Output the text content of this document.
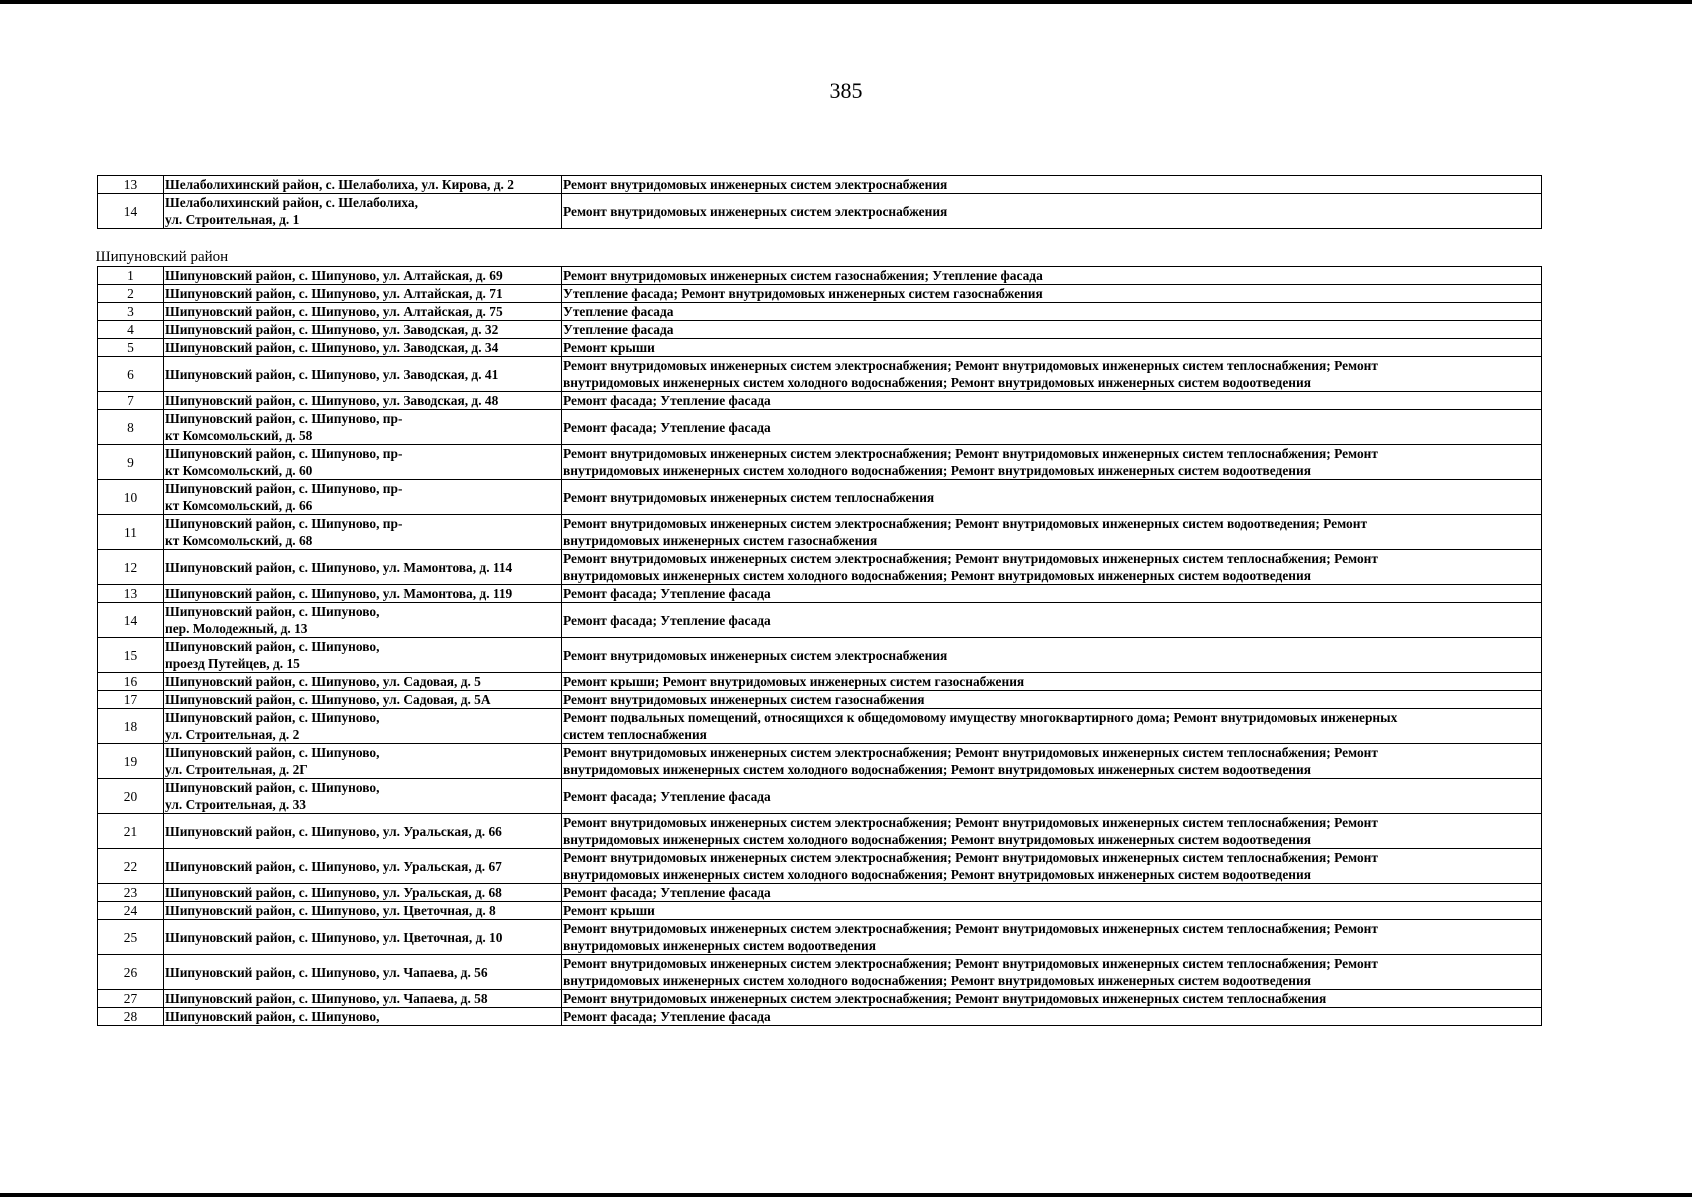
385
13	Шелаболихинский район, с. Шелаболиха, ул. Кирова, д. 2	Ремонт внутридомовых инженерных систем электроснабжения
14	Шелаболихинский район, с. Шелаболиха,
ул. Строительная, д. 1	Ремонт внутридомовых инженерных систем электроснабжения
Шипуновский район
1	Шипуновский район, с. Шипуново, ул. Алтайская, д. 69	Ремонт внутридомовых инженерных систем газоснабжения; Утепление фасада
2	Шипуновский район, с. Шипуново, ул. Алтайская, д. 71	Утепление фасада; Ремонт внутридомовых инженерных систем газоснабжения
3	Шипуновский район, с. Шипуново, ул. Алтайская, д. 75	Утепление фасада
4	Шипуновский район, с. Шипуново, ул. Заводская, д. 32	Утепление фасада
5	Шипуновский район, с. Шипуново, ул. Заводская, д. 34	Ремонт крыши
6	Шипуновский район, с. Шипуново, ул. Заводская, д. 41	Ремонт внутридомовых инженерных систем электроснабжения; Ремонт внутридомовых инженерных систем теплоснабжения; Ремонт
внутридомовых инженерных систем холодного водоснабжения; Ремонт внутридомовых инженерных систем водоотведения
7	Шипуновский район, с. Шипуново, ул. Заводская, д. 48	Ремонт фасада; Утепление фасада
8	Шипуновский район, с. Шипуново, пр-
кт Комсомольский, д. 58	Ремонт фасада; Утепление фасада
9	Шипуновский район, с. Шипуново, пр-
кт Комсомольский, д. 60	Ремонт внутридомовых инженерных систем электроснабжения; Ремонт внутридомовых инженерных систем теплоснабжения; Ремонт
внутридомовых инженерных систем холодного водоснабжения; Ремонт внутридомовых инженерных систем водоотведения
10	Шипуновский район, с. Шипуново, пр-
кт Комсомольский, д. 66	Ремонт внутридомовых инженерных систем теплоснабжения
11	Шипуновский район, с. Шипуново, пр-
кт Комсомольский, д. 68	Ремонт внутридомовых инженерных систем электроснабжения; Ремонт внутридомовых инженерных систем водоотведения; Ремонт
внутридомовых инженерных систем газоснабжения
12	Шипуновский район, с. Шипуново, ул. Мамонтова, д. 114	Ремонт внутридомовых инженерных систем электроснабжения; Ремонт внутридомовых инженерных систем теплоснабжения; Ремонт
внутридомовых инженерных систем холодного водоснабжения; Ремонт внутридомовых инженерных систем водоотведения
13	Шипуновский район, с. Шипуново, ул. Мамонтова, д. 119	Ремонт фасада; Утепление фасада
14	Шипуновский район, с. Шипуново,
пер. Молодежный, д. 13	Ремонт фасада; Утепление фасада
15	Шипуновский район, с. Шипуново,
проезд Путейцев, д. 15	Ремонт внутридомовых инженерных систем электроснабжения
16	Шипуновский район, с. Шипуново, ул. Садовая, д. 5	Ремонт крыши; Ремонт внутридомовых инженерных систем газоснабжения
17	Шипуновский район, с. Шипуново, ул. Садовая, д. 5А	Ремонт внутридомовых инженерных систем газоснабжения
18	Шипуновский район, с. Шипуново,
ул. Строительная, д. 2	Ремонт подвальных помещений, относящихся к общедомовому имуществу многоквартирного дома; Ремонт внутридомовых инженерных
систем теплоснабжения
19	Шипуновский район, с. Шипуново,
ул. Строительная, д. 2Г	Ремонт внутридомовых инженерных систем электроснабжения; Ремонт внутридомовых инженерных систем теплоснабжения; Ремонт
внутридомовых инженерных систем холодного водоснабжения; Ремонт внутридомовых инженерных систем водоотведения
20	Шипуновский район, с. Шипуново,
ул. Строительная, д. 33	Ремонт фасада; Утепление фасада
21	Шипуновский район, с. Шипуново, ул. Уральская, д. 66	Ремонт внутридомовых инженерных систем электроснабжения; Ремонт внутридомовых инженерных систем теплоснабжения; Ремонт
внутридомовых инженерных систем холодного водоснабжения; Ремонт внутридомовых инженерных систем водоотведения
22	Шипуновский район, с. Шипуново, ул. Уральская, д. 67	Ремонт внутридомовых инженерных систем электроснабжения; Ремонт внутридомовых инженерных систем теплоснабжения; Ремонт
внутридомовых инженерных систем холодного водоснабжения; Ремонт внутридомовых инженерных систем водоотведения
23	Шипуновский район, с. Шипуново, ул. Уральская, д. 68	Ремонт фасада; Утепление фасада
24	Шипуновский район, с. Шипуново, ул. Цветочная, д. 8	Ремонт крыши
25	Шипуновский район, с. Шипуново, ул. Цветочная, д. 10	Ремонт внутридомовых инженерных систем электроснабжения; Ремонт внутридомовых инженерных систем теплоснабжения; Ремонт
внутридомовых инженерных систем водоотведения
26	Шипуновский район, с. Шипуново, ул. Чапаева, д. 56	Ремонт внутридомовых инженерных систем электроснабжения; Ремонт внутридомовых инженерных систем теплоснабжения; Ремонт
внутридомовых инженерных систем холодного водоснабжения; Ремонт внутридомовых инженерных систем водоотведения
27	Шипуновский район, с. Шипуново, ул. Чапаева, д. 58	Ремонт внутридомовых инженерных систем электроснабжения; Ремонт внутридомовых инженерных систем теплоснабжения
28	Шипуновский район, с. Шипуново,	Ремонт фасада; Утепление фасада
